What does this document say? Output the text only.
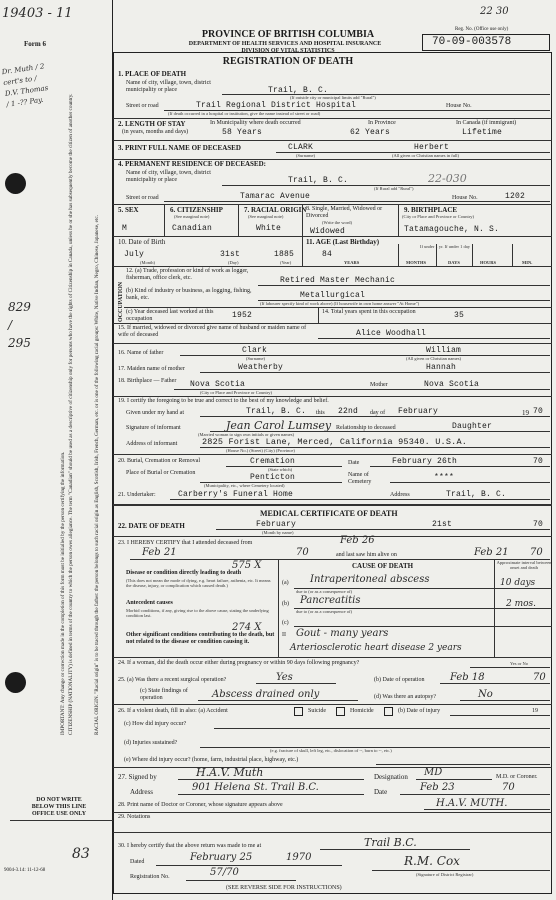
19403 - 11
Form 6
Dr. Muth / 2 cert's to / D.V. Thomas / 1 -?? Pay.
829 / 295
IMPORTANT: Any change or correction made in the completion of this form must be initialled by the person certifying the information. CITIZENSHIP (NATIONALITY) is defined in terms of the country to which the person owes allegiance. The term "Canadian" should be used as a descriptive of citizenship only for persons who have the rights of Citizenship in Canada, unless he or she has subsequently become the citizen of another country.	RACIAL ORIGIN. "Racial origin" is to be traced through the father: the person belongs to such racial origin as English, Scottish, Irish, French, German, etc. or is one of the following racial groups: White, Native Indian, Negro, Chinese, Japanese, etc.
DO NOT WRITE
BELOW THIS LINE
OFFICE USE ONLY
83
9004-3.14: 11-12-68
22 30
PROVINCE OF BRITISH COLUMBIA
DEPARTMENT OF HEALTH SERVICES AND HOSPITAL INSURANCE
DIVISION OF VITAL STATISTICS
REGISTRATION OF DEATH
Reg. No. (Office use only)
70-09-003578
1. PLACE OF DEATH
Name of city, village, town, district municipality or place	Trail, B. C.
(If outside city or municipal limits add "Rural")
Street or road	Trail Regional District Hospital	House No.
(If death occurred in a hospital or institution, give the name instead of street or road)
2. LENGTH OF STAY
(in years, months and days)
In Municipality where death occurred
58 Years
In Province
62 Years
In Canada (if immigrant)
Lifetime
3. PRINT FULL NAME OF DECEASED	CLARK	Herbert
(Surname)	(All given or Christian names in full)
4. PERMANENT RESIDENCE OF DECEASED:
Name of city, village, town, district municipality or place	Trail, B. C.	22-030
(If Rural add "Rural")
Street or road	Tamarac Avenue	House No.	1202
5. SEX
M
6. CITIZENSHIP
(See marginal note)
Canadian
7. RACIAL ORIGIN
(See marginal note)
White
8. Single, Married, Widowed or Divorced
(Write the word)
Widowed
9. BIRTHPLACE
(City or Place and Province or Country)
Tatamagouche, N. S.
10. Date of Birth
July	31st	1885
(Month)	(Day)	(Year)
11. AGE (Last Birthday)
If under 1 yr. If under 1 day
84
YEARS	MONTHS	DAYS	HOURS	MIN.
OCCUPATION
12. (a) Trade, profession or kind of work as logger, fisherman, office clerk, etc.	Retired Master Mechanic
(b) Kind of industry or business, as logging, fishing, bank, etc.	Metallurgical
(If labourer specify kind of work above) (If housewife in own home answer "At Home")
(c) Year deceased last worked at this occupation	1952	14. Total years spent in this occupation	35
15. If married, widowed or divorced give name of husband or maiden name of wife of deceased	Alice Woodhall
16. Name of father	Clark	William
(Surname)	(All given or Christian names)
17. Maiden name of mother	Weatherby	Hannah
18. Birthplace — Father Nova Scotia	Mother	Nova Scotia
(City or Place and Province or Country)
19. I certify the foregoing to be true and correct to the best of my knowledge and belief.
Given under my hand at	Trail, B. C. this 22nd day of February	19 70
Signature of informant	Jean Carol Lumsey Relationship to deceased	Daughter
(Married woman to sign own initials or given names)
Address of informant	2825 Forist Lane, Merced, California 95340. U.S.A.
(House No.) (Street) (City) (Province)
20. Burial, Cremation or Removal	Cremation
(State which)
Date	February 26th	70
Place of Burial or Cremation	Penticton
(Municipality, etc., where Cemetery located)
Name of Cemetery	****
21. Undertaker:	Carberry's Funeral Home	Address	Trail, B. C.
MEDICAL CERTIFICATE OF DEATH
22. DATE OF DEATH	February	21st	70
(Month by name)
23. I HEREBY CERTIFY that I attended deceased from	Feb 26
Feb 21	70	and last saw him alive on	Feb 21 70
CAUSE OF DEATH	Approximate interval between onset and death
Disease or condition directly leading to death
(This does not mean the mode of dying, e.g. heart failure, asthenia, etc. It means the disease, injury, or complication which caused death.)
575 X
(a) Intraperitoneal abscess	10 days
due to (or as a consequence of)
(b) Pancreatitis	2 mos.
due to (or as a consequence of)
(c)
Antecedent causes
Morbid conditions, if any, giving rise to the above cause, stating the underlying condition last.
274 X
Other significant conditions contributing to the death, but not related to the disease or condition causing it.
II Gout - many years
Arteriosclerotic heart disease 2 years
24. If a woman, did the death occur either during pregnancy or within 90 days following pregnancy?	Yes or No
25. (a) Was there a recent surgical operation?	Yes	(b) Date of operation	Feb 18	70
(c) State findings of operation	Abscess drained only	(d) Was there an autopsy?	No
26. If a violent death, fill in also: (a) Accident	Suicide	Homicide	(b) Date of injury	19
(c) How did injury occur?
(d) Injuries sustained?
(e.g. fracture of skull, left leg, etc., dislocation of --, burn to --, etc.)
(e) Where did injury occur? (home, farm, industrial place, highway, etc.)
27. Signed by	H.A.V. Muth	Designation MD	M.D. or Coroner.
Address	901 Helena St. Trail B.C.	Date	Feb 23	70
28. Print name of Doctor or Coroner, whose signature appears above	H.A.V. MUTH.
29. Notations
30. I hereby certify that the above return was made to me at	Trail B.C.
Dated	February 25	1970	R.M. Cox
Registration No.	57/70	(Signature of District Registrar)
(SEE REVERSE SIDE FOR INSTRUCTIONS)
